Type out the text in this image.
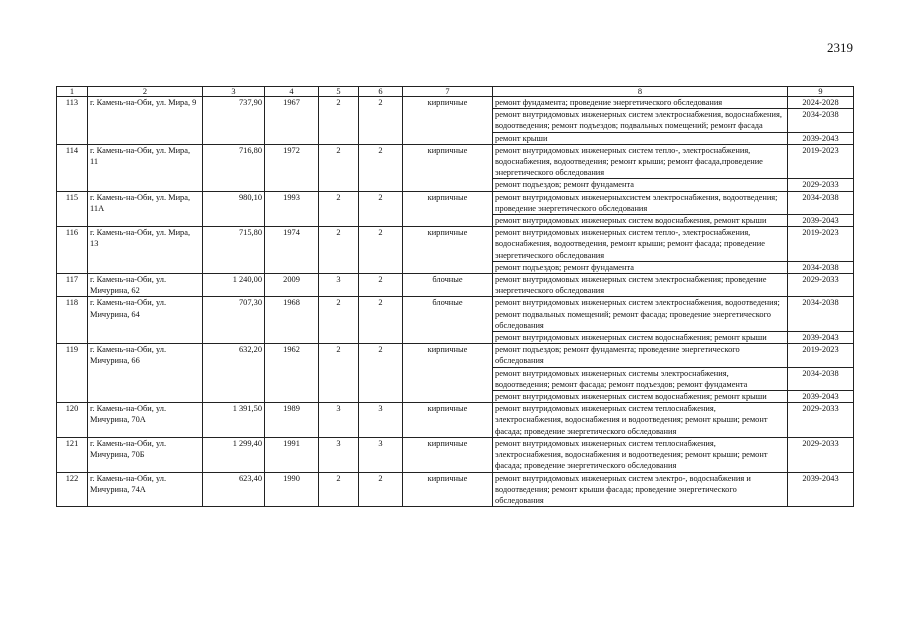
2319
1	2	3	4	5	6	7	8	9
113	г. Камень-на-Оби, ул. Мира, 9	737,90	1967	2	2	кирпичные	ремонт фундамента; проведение энергетического обследования	2024-2028
							ремонт внутридомовых инженерных систем электроснабжения, водоснабжения, водоотведения; ремонт подъездов; подвальных помещений; ремонт фасада	2034-2038
							ремонт крыши	2039-2043
114	г. Камень-на-Оби, ул. Мира, 11	716,80	1972	2	2	кирпичные	ремонт внутридомовых инженерных систем тепло-, электроснабжения, водоснабжения, водоотведения; ремонт крыши; ремонт фасада,проведение энергетического обследования	2019-2023
							ремонт подъездов; ремонт фундамента	2029-2033
115	г. Камень-на-Оби, ул. Мира, 11А	980,10	1993	2	2	кирпичные	ремонт внутридомовых инженерныхсистем электроснабжения, водоотведения; проведение энергетического обследования	2034-2038
							ремонт внутридомовых инженерных систем водоснабжения, ремонт крыши	2039-2043
116	г. Камень-на-Оби, ул. Мира, 13	715,80	1974	2	2	кирпичные	ремонт внутридомовых инженерных систем тепло-, электроснабжения, водоснабжения, водоотведения, ремонт крыши; ремонт фасада; проведение энергетического обследования	2019-2023
							ремонт подъездов; ремонт фундамента	2034-2038
117	г. Камень-на-Оби, ул. Мичурина, 62	1 240,00	2009	3	2	блочные	ремонт внутридомовых инженерных систем электроснабжения; проведение энергетического обследования	2029-2033
118	г. Камень-на-Оби, ул. Мичурина, 64	707,30	1968	2	2	блочные	ремонт внутридомовых инженерных систем электроснабжения, водоотведения; ремонт подвальных помещений; ремонт фасада; проведение энергетического обследования	2034-2038
							ремонт внутридомовых инженерных систем водоснабжения; ремонт крыши	2039-2043
119	г. Камень-на-Оби, ул. Мичурина, 66	632,20	1962	2	2	кирпичные	ремонт подъездов; ремонт фундамента; проведение энергетического обследования	2019-2023
							ремонт внутридомовых инженерных системы электроснабжения, водоотведения; ремонт фасада; ремонт подъездов; ремонт фундамента	2034-2038
							ремонт внутридомовых инженерных систем водоснабжения; ремонт крыши	2039-2043
120	г. Камень-на-Оби, ул. Мичурина, 70А	1 391,50	1989	3	3	кирпичные	ремонт внутридомовых инженерных систем теплоснабжения, электроснабжения, водоснабжения и водоотведения; ремонт крыши; ремонт фасада; проведение энергетического обследования	2029-2033
121	г. Камень-на-Оби, ул. Мичурина, 70Б	1 299,40	1991	3	3	кирпичные	ремонт внутридомовых инженерных систем теплоснабжения, электроснабжения, водоснабжения и водоотведения; ремонт крыши; ремонт фасада; проведение энергетического обследования	2029-2033
122	г. Камень-на-Оби, ул. Мичурина, 74А	623,40	1990	2	2	кирпичные	ремонт внутридомовых инженерных систем электро-, водоснабжения и водоотведения; ремонт крыши фасада; проведение энергетического обследования	2039-2043
